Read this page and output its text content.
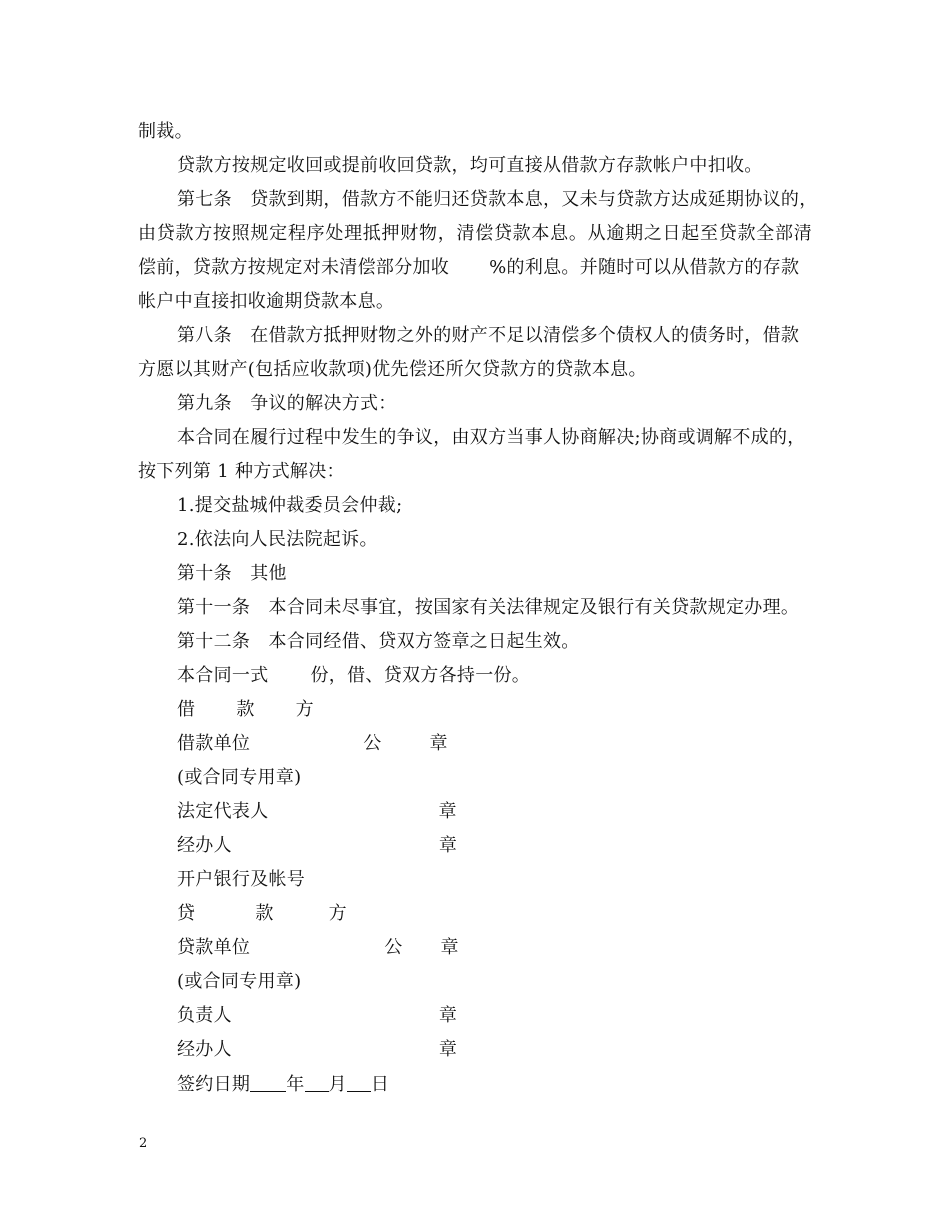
制裁。
贷款方按规定收回或提前收回贷款，均可直接从借款方存款帐户中扣收。
第七条　贷款到期，借款方不能归还贷款本息，又未与贷款方达成延期协议的，
由贷款方按照规定程序处理抵押财物，清偿贷款本息。从逾期之日起至贷款全部清
偿前，贷款方按规定对未清偿部分加收 %的利息。并随时可以从借款方的存款
帐户中直接扣收逾期贷款本息。
第八条　在借款方抵押财物之外的财产不足以清偿多个债权人的债务时，借款
方愿以其财产(包括应收款项)优先偿还所欠贷款方的贷款本息。
第九条　争议的解决方式：
本合同在履行过程中发生的争议，由双方当事人协商解决;协商或调解不成的，
按下列第 1 种方式解决：
1.提交盐城仲裁委员会仲裁;
2.依法向人民法院起诉。
第十条　其他
第十一条　本合同未尽事宜，按国家有关法律规定及银行有关贷款规定办理。
第十二条　本合同经借、贷双方签章之日起生效。
本合同一式 份，借、贷双方各持一份。
借 款 方
借款单位	公	章
(或合同专用章)
法定代表人	章
经办人	章
开户银行及帐号
贷	款	方
贷款单位	公 章
(或合同专用章)
负责人	章
经办人	章
签约日期 年 月 日
2
